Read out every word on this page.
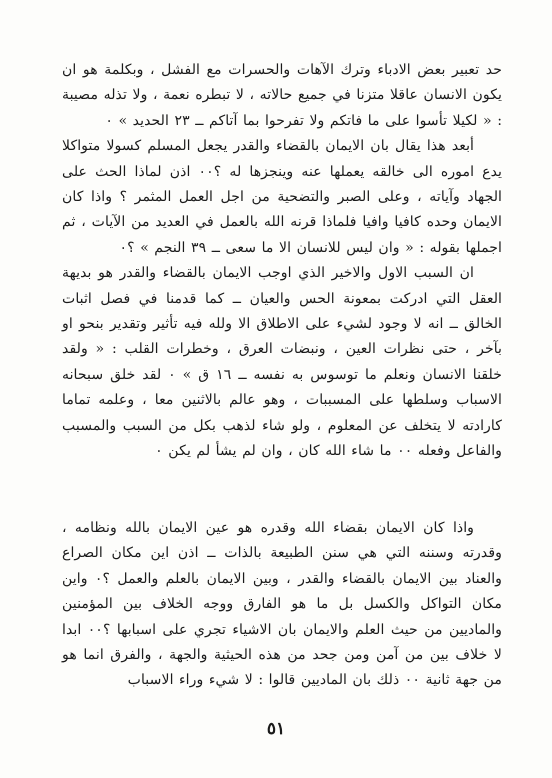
حد تعبير بعض الادباء وترك الآهات والحسرات مع الفشل ، وبكلمة هو ان يكون الانسان عاقلا متزنا في جميع حالاته ، لا تبطره نعمة ، ولا تذله مصيبة : « لكيلا تأسوا على ما فاتكم ولا تفرحوا بما آتاكم ــ ٢٣ الحديد » ٠

أبعد هذا يقال بان الايمان بالقضاء والقدر يجعل المسلم كسولا متواكلا يدع اموره الى خالقه يعملها عنه وينجزها له ؟٠٠ اذن لماذا الحث على الجهاد وآياته ، وعلى الصبر والتضحية من اجل العمل المثمر ؟ واذا كان الايمان وحده كافيا وافيا فلماذا قرنه الله بالعمل في العديد من الآيات ، ثم اجملها بقوله : « وان ليس للانسان الا ما سعى ــ ٣٩ النجم » ؟٠

ان السبب الاول والاخير الذي اوجب الايمان بالقضاء والقدر هو بديهة العقل التي ادركت بمعونة الحس والعيان ــ كما قدمنا في فصل اثبات الخالق ــ انه لا وجود لشيء على الاطلاق الا ولله فيه تأثير وتقدير بنحو او بآخر ، حتى نظرات العين ، ونبضات العرق ، وخطرات القلب : « ولقد خلقنا الانسان ونعلم ما توسوس به نفسه ــ ١٦ ق » ٠ لقد خلق سبحانه الاسباب وسلطها على المسببات ، وهو عالم بالاثنين معا ، وعلمه تماما كارادته لا يتخلف عن المعلوم ، ولو شاء لذهب بكل من السبب والمسبب والفاعل وفعله ٠٠ ما شاء الله كان ، وان لم يشأ لم يكن ٠

واذا كان الايمان بقضاء الله وقدره هو عين الايمان بالله ونظامه ، وقدرته وسننه التي هي سنن الطبيعة بالذات ــ اذن اين مكان الصراع والعناد بين الايمان بالقضاء والقدر ، وبين الايمان بالعلم والعمل ؟٠ واين مكان التواكل والكسل بل ما هو الفارق ووجه الخلاف بين المؤمنين والماديين من حيث العلم والايمان بان الاشياء تجري على اسبابها ؟٠٠ ابدا لا خلاف بين من آمن ومن جحد من هذه الحيثية والجهة ، والفرق انما هو من جهة ثانية ٠٠ ذلك بان الماديين قالوا : لا شيء وراء الاسباب

٥١
